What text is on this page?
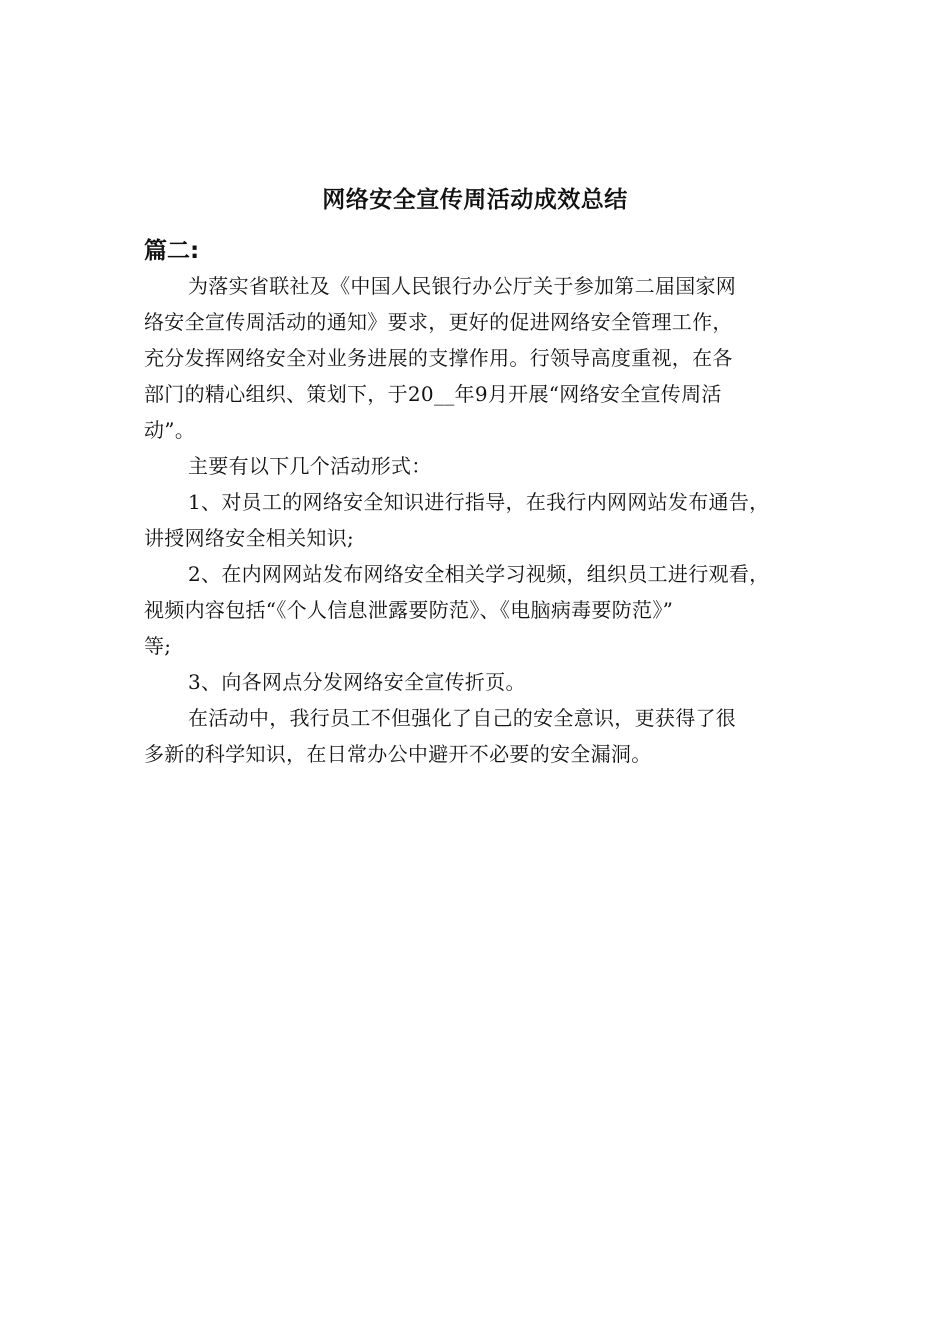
网络安全宣传周活动成效总结
篇二:
为落实省联社及《中国人民银行办公厅关于参加第二届国家网
络安全宣传周活动的通知》要求，更好的促进网络安全管理工作，
充分发挥网络安全对业务进展的支撑作用。行领导高度重视，在各
部门的精心组织、策划下，于20__年9月开展“网络安全宣传周活
动”。
主要有以下几个活动形式：
1、对员工的网络安全知识进行指导，在我行内网网站发布通告，
讲授网络安全相关知识;
2、在内网网站发布网络安全相关学习视频，组织员工进行观看，
视频内容包括“《个人信息泄露要防范》、《电脑病毒要防范》”
等;
3、向各网点分发网络安全宣传折页。
在活动中，我行员工不但强化了自己的安全意识，更获得了很
多新的科学知识，在日常办公中避开不必要的安全漏洞。
